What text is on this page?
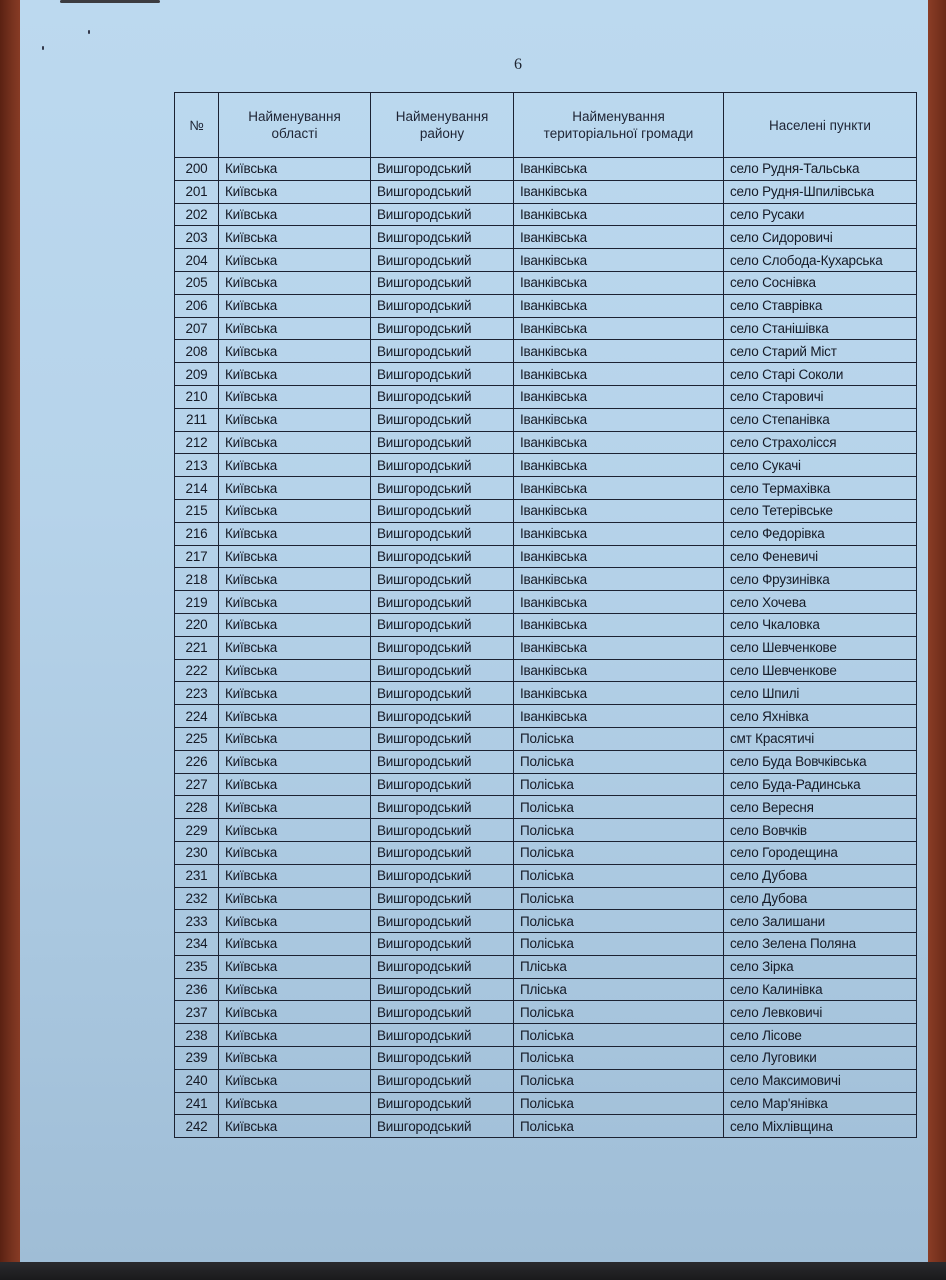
6
№	Найменування області	Найменування району	Найменування територіальної громади	Населені пункти
200	Київська	Вишгородський	Іванківська	село Рудня-Тальська
201	Київська	Вишгородський	Іванківська	село Рудня-Шпилівська
202	Київська	Вишгородський	Іванківська	село Русаки
203	Київська	Вишгородський	Іванківська	село Сидоровичі
204	Київська	Вишгородський	Іванківська	село Слобода-Кухарська
205	Київська	Вишгородський	Іванківська	село Соснівка
206	Київська	Вишгородський	Іванківська	село Ставрівка
207	Київська	Вишгородський	Іванківська	село Станішівка
208	Київська	Вишгородський	Іванківська	село Старий Міст
209	Київська	Вишгородський	Іванківська	село Старі Соколи
210	Київська	Вишгородський	Іванківська	село Старовичі
211	Київська	Вишгородський	Іванківська	село Степанівка
212	Київська	Вишгородський	Іванківська	село Страхолісся
213	Київська	Вишгородський	Іванківська	село Сукачі
214	Київська	Вишгородський	Іванківська	село Термахівка
215	Київська	Вишгородський	Іванківська	село Тетерівське
216	Київська	Вишгородський	Іванківська	село Федорівка
217	Київська	Вишгородський	Іванківська	село Феневичі
218	Київська	Вишгородський	Іванківська	село Фрузинівка
219	Київська	Вишгородський	Іванківська	село Хочева
220	Київська	Вишгородський	Іванківська	село Чкаловка
221	Київська	Вишгородський	Іванківська	село Шевченкове
222	Київська	Вишгородський	Іванківська	село Шевченкове
223	Київська	Вишгородський	Іванківська	село Шпилі
224	Київська	Вишгородський	Іванківська	село Яхнівка
225	Київська	Вишгородський	Поліська	смт Красятичі
226	Київська	Вишгородський	Поліська	село Буда Вовчківська
227	Київська	Вишгородський	Поліська	село Буда-Радинська
228	Київська	Вишгородський	Поліська	село Вересня
229	Київська	Вишгородський	Поліська	село Вовчків
230	Київська	Вишгородський	Поліська	село Городещина
231	Київська	Вишгородський	Поліська	село Дубова
232	Київська	Вишгородський	Поліська	село Дубова
233	Київська	Вишгородський	Поліська	село Залишани
234	Київська	Вишгородський	Поліська	село Зелена Поляна
235	Київська	Вишгородський	Пліська	село Зірка
236	Київська	Вишгородський	Пліська	село Калинівка
237	Київська	Вишгородський	Поліська	село Левковичі
238	Київська	Вишгородський	Поліська	село Лісове
239	Київська	Вишгородський	Поліська	село Луговики
240	Київська	Вишгородський	Поліська	село Максимовичі
241	Київська	Вишгородський	Поліська	село Мар'янівка
242	Київська	Вишгородський	Поліська	село Міхлівщина
